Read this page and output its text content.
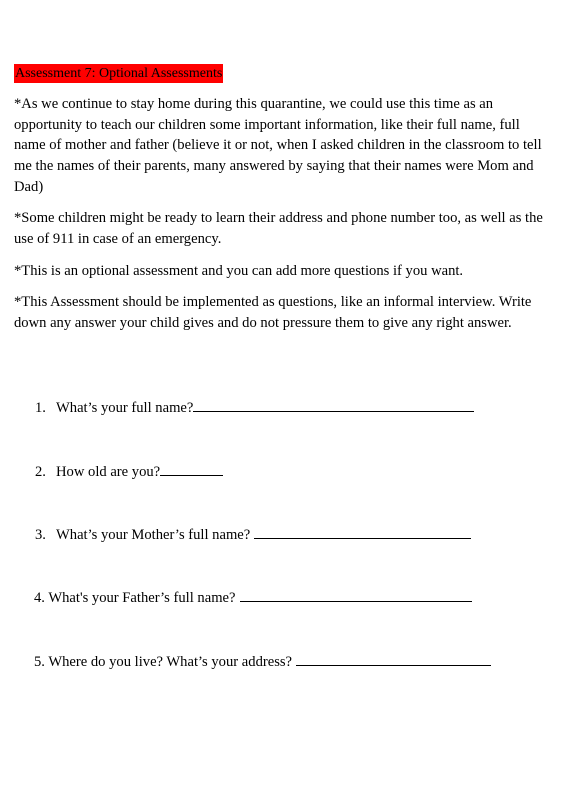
Assessment 7: Optional Assessments

*As we continue to stay home during this quarantine, we could use this time as an opportunity to teach our children some important information, like their full name, full name of mother and father (believe it or not, when I asked children in the classroom to tell me the names of their parents, many answered by saying that their names were Mom and Dad)

*Some children might be ready to learn their address and phone number too, as well as the use of 911 in case of an emergency.

*This is an optional assessment and you can add more questions if you want.

*This Assessment should be implemented as questions, like an informal interview. Write down any answer your child gives and do not pressure them to give any right answer.

1. What’s your full name?
2. How old are you?
3. What’s your Mother’s full name?
4. What's your Father’s full name?
5. Where do you live? What’s your address?
